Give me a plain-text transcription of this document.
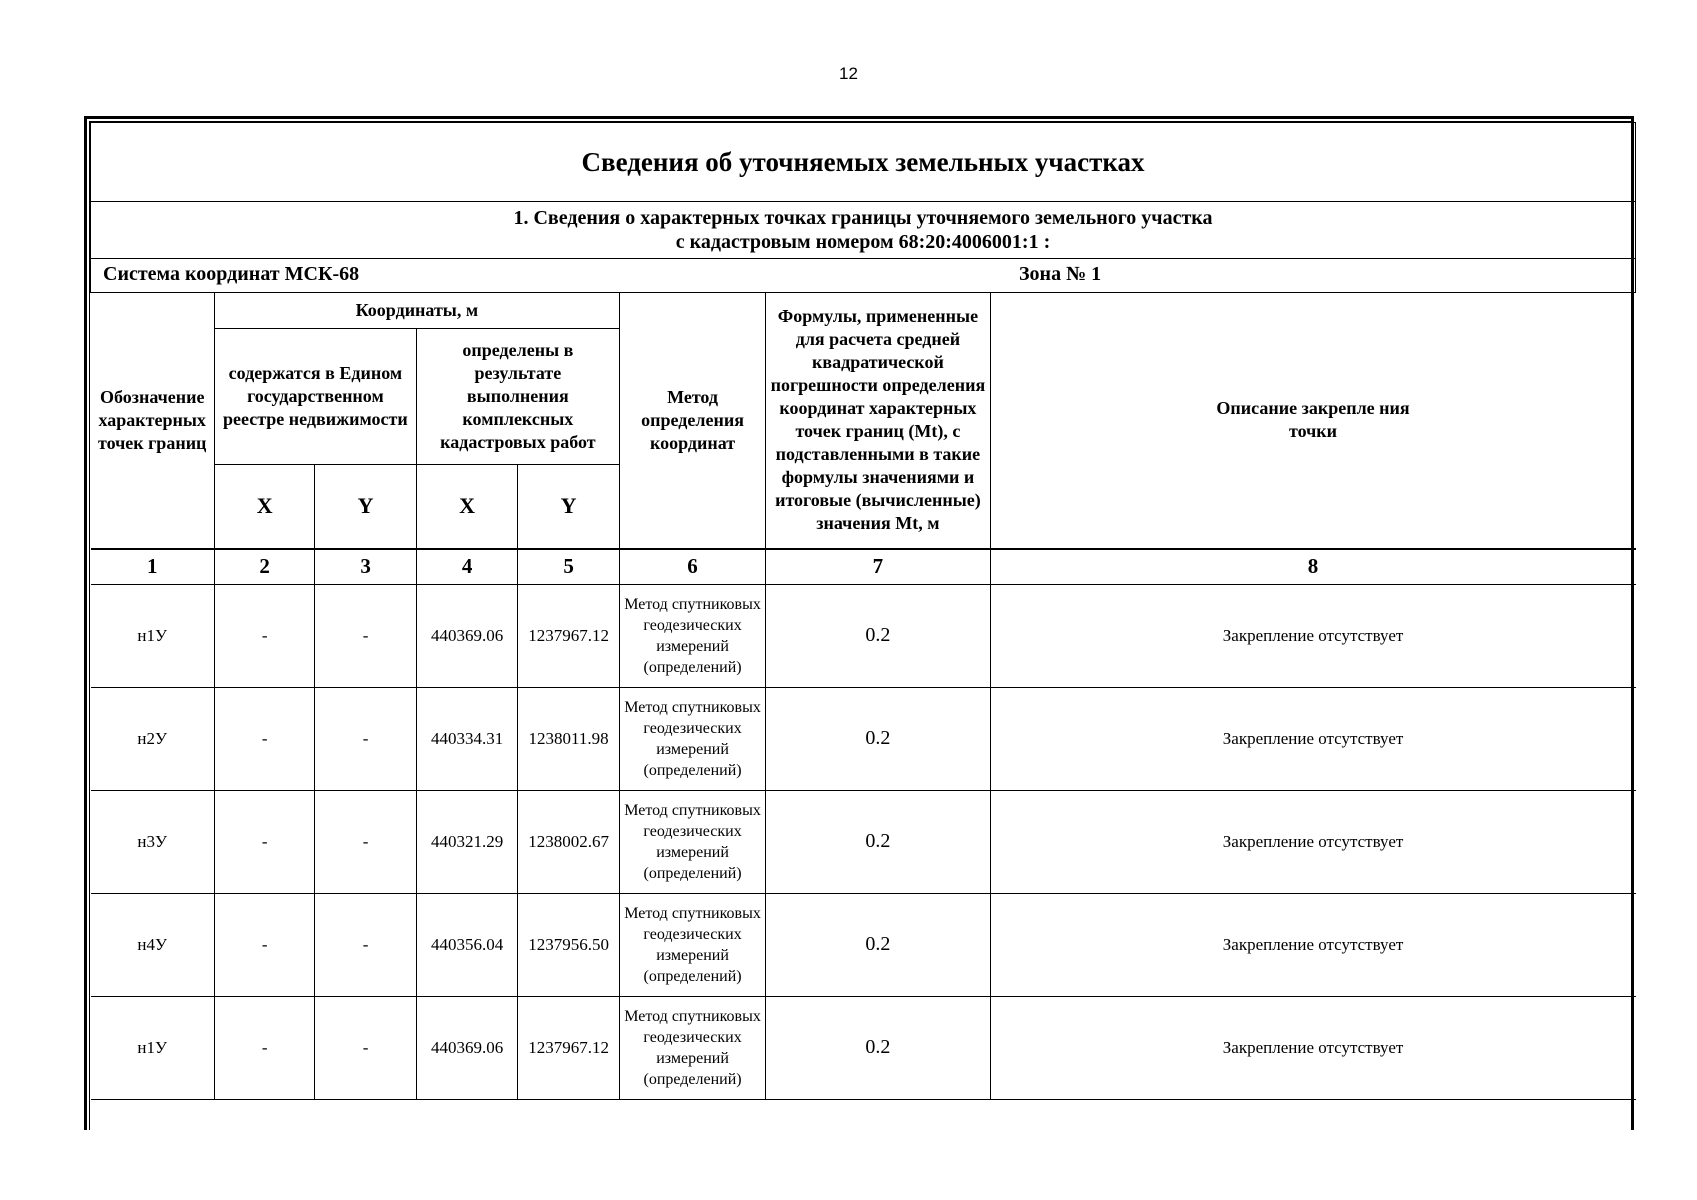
12
Сведения об уточняемых земельных участках							

1. Сведения о характерных точках границы уточняемого земельного участка
с кадастровым номером 68:20:4006001:1 :							

Система координат МСК-68 Зона № 1							

Обозначение характерных точек границ	Координаты, м				Метод определения координат	Формулы, примененные для расчета средней квадратической погрешности определения координат характерных точек границ (Mt), с подставленными в такие формулы значениями и итоговые (вычисленные) значения Mt, м	Описание закрепле ния точки
	содержатся в Едином государственном реестре недвижимости		определены в результате выполнения комплексных кадастровых работ				
	X	Y	X	Y			
1	2	3	4	5	6	7	8
н1У	-	-	440369.06	1237967.12	Метод спутниковых геодезических измерений (определений)	0.2	Закрепление отсутствует
н2У	-	-	440334.31	1238011.98	Метод спутниковых геодезических измерений (определений)	0.2	Закрепление отсутствует
н3У	-	-	440321.29	1238002.67	Метод спутниковых геодезических измерений (определений)	0.2	Закрепление отсутствует
н4У	-	-	440356.04	1237956.50	Метод спутниковых геодезических измерений (определений)	0.2	Закрепление отсутствует
н1У	-	-	440369.06	1237967.12	Метод спутниковых геодезических измерений (определений)	0.2	Закрепление отсутствует
